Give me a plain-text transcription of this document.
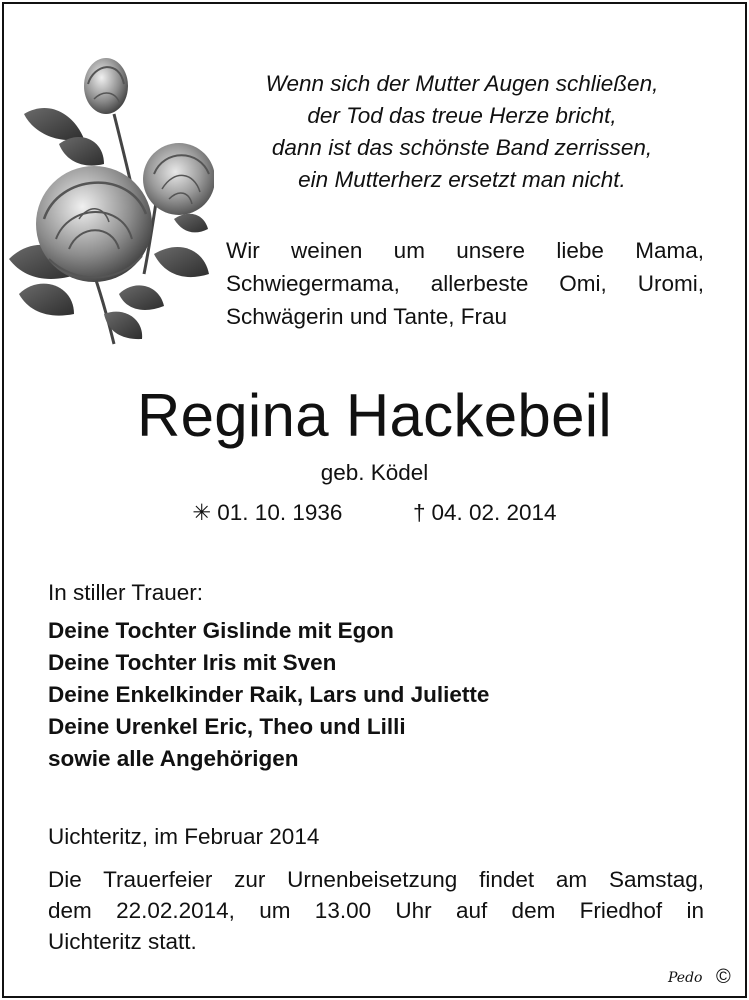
Wenn sich der Mutter Augen schließen,
der Tod das treue Herze bricht,
dann ist das schönste Band zerrissen,
ein Mutterherz ersetzt man nicht.
Wir weinen um unsere liebe Mama,
Schwiegermama, allerbeste Omi, Uromi,
Schwägerin und Tante, Frau
Regina Hackebeil
geb. Ködel
✳ 01. 10. 1936	† 04. 02. 2014
In stiller Trauer:
Deine Tochter Gislinde mit Egon
Deine Tochter Iris mit Sven
Deine Enkelkinder Raik, Lars und Juliette
Deine Urenkel Eric, Theo und Lilli
sowie alle Angehörigen
Uichteritz, im Februar 2014
Die Trauerfeier zur Urnenbeisetzung findet am Samstag,
dem 22.02.2014, um 13.00 Uhr auf dem Friedhof in
Uichteritz statt.
Pedo ©
